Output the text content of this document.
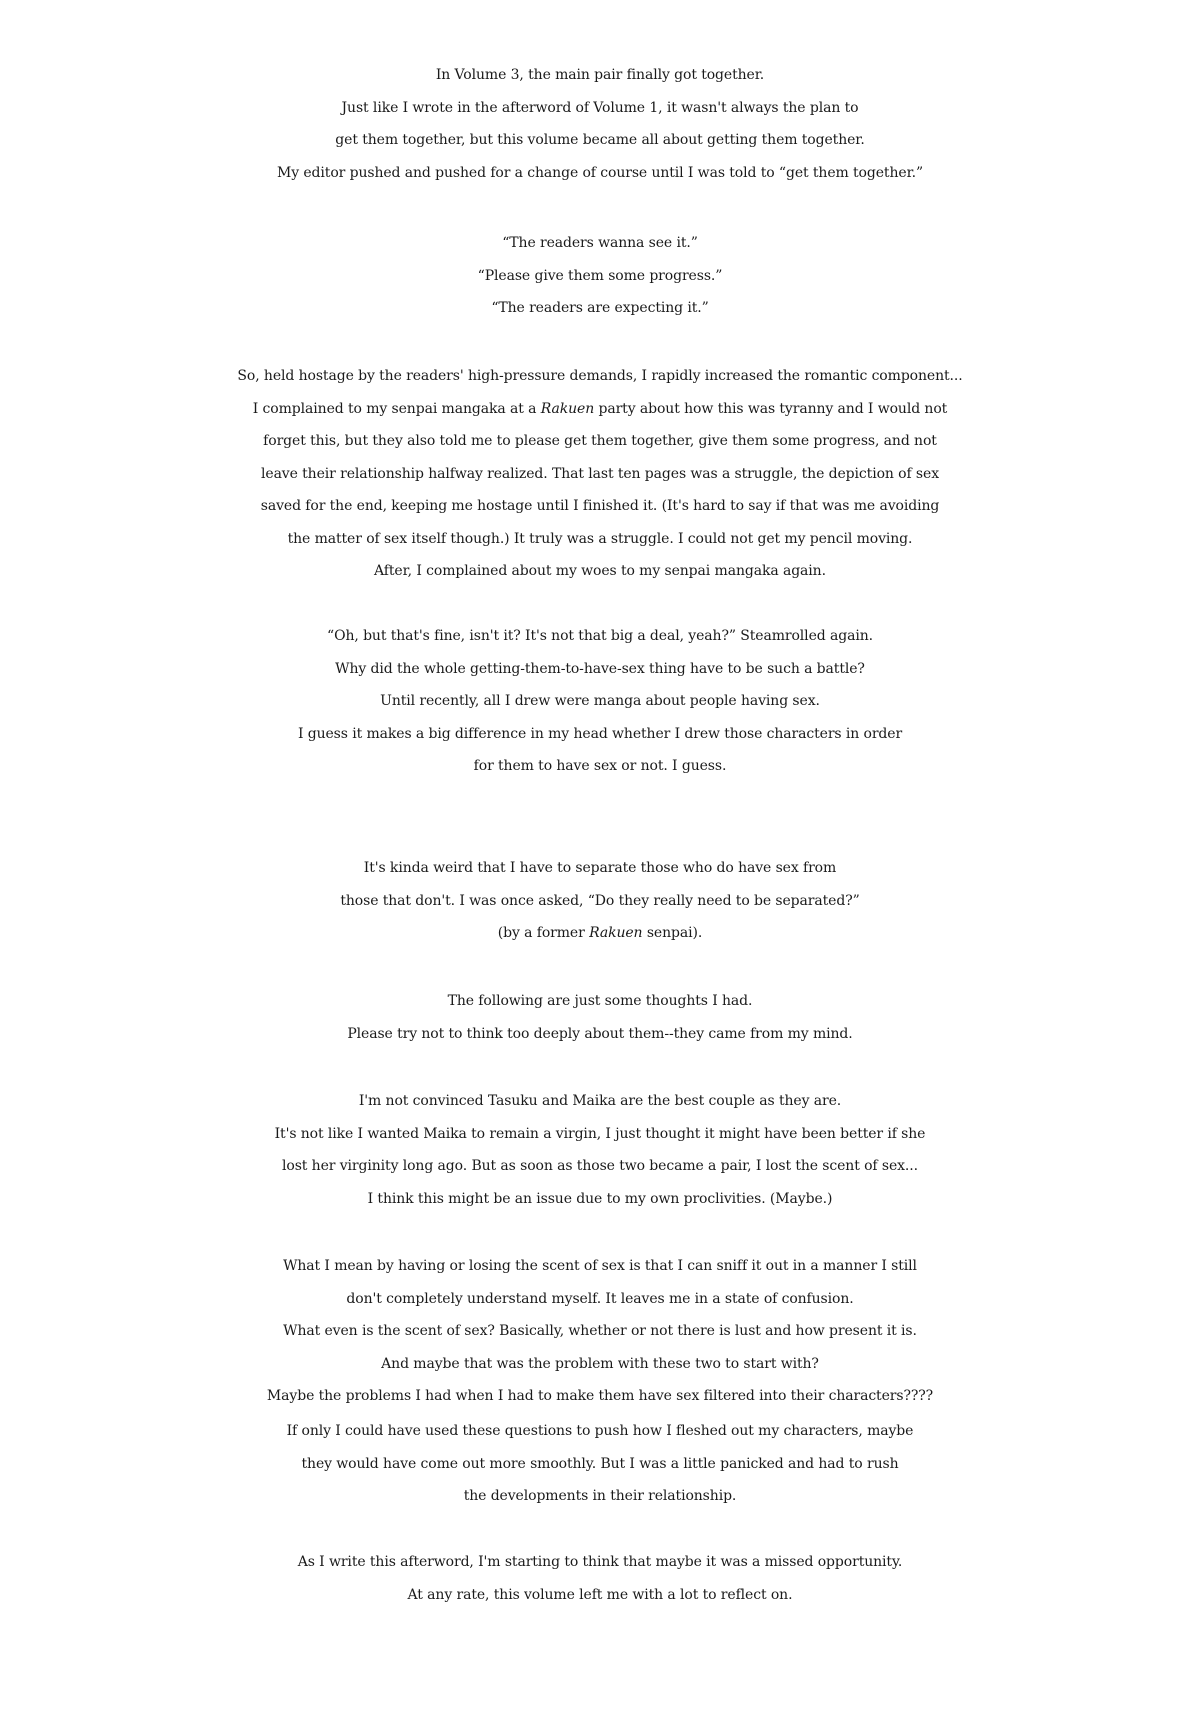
In Volume 3, the main pair finally got together.
Just like I wrote in the afterword of Volume 1, it wasn't always the plan to
get them together, but this volume became all about getting them together.
My editor pushed and pushed for a change of course until I was told to “get them together.”
“The readers wanna see it.”
“Please give them some progress.”
“The readers are expecting it.”
So, held hostage by the readers' high-pressure demands, I rapidly increased the romantic component...
I complained to my senpai mangaka at a Rakuen party about how this was tyranny and I would not
forget this, but they also told me to please get them together, give them some progress, and not
leave their relationship halfway realized. That last ten pages was a struggle, the depiction of sex
saved for the end, keeping me hostage until I finished it. (It's hard to say if that was me avoiding
the matter of sex itself though.) It truly was a struggle. I could not get my pencil moving.
After, I complained about my woes to my senpai mangaka again.
“Oh, but that's fine, isn't it? It's not that big a deal, yeah?” Steamrolled again.
Why did the whole getting-them-to-have-sex thing have to be such a battle?
Until recently, all I drew were manga about people having sex.
I guess it makes a big difference in my head whether I drew those characters in order
for them to have sex or not. I guess.
It's kinda weird that I have to separate those who do have sex from
those that don't. I was once asked, “Do they really need to be separated?”
(by a former Rakuen senpai).
The following are just some thoughts I had.
Please try not to think too deeply about them--they came from my mind.
I'm not convinced Tasuku and Maika are the best couple as they are.
It's not like I wanted Maika to remain a virgin, I just thought it might have been better if she
lost her virginity long ago. But as soon as those two became a pair, I lost the scent of sex...
I think this might be an issue due to my own proclivities. (Maybe.)
What I mean by having or losing the scent of sex is that I can sniff it out in a manner I still
don't completely understand myself. It leaves me in a state of confusion.
What even is the scent of sex? Basically, whether or not there is lust and how present it is.
And maybe that was the problem with these two to start with?
Maybe the problems I had when I had to make them have sex filtered into their characters????
If only I could have used these questions to push how I fleshed out my characters, maybe
they would have come out more smoothly. But I was a little panicked and had to rush
the developments in their relationship.
As I write this afterword, I'm starting to think that maybe it was a missed opportunity.
At any rate, this volume left me with a lot to reflect on.
